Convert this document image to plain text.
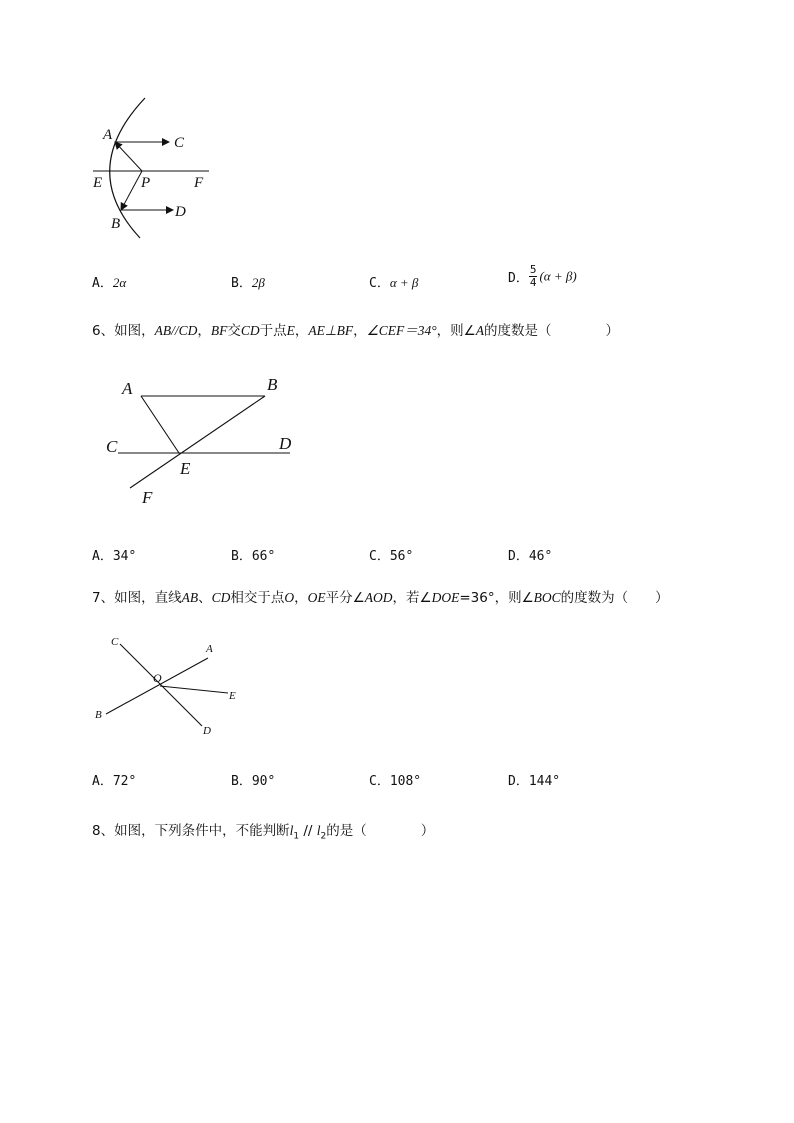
A	C
E	P	F
B
D
A．2α	B．2β	C．α + β	D． $\frac{5}{4} (\alpha + \beta)$
6、如图，AB//CD，BF交CD于点E，AE⊥BF，∠CEF＝34°，则∠A的度数是（　　　　）
A	B
C	D
E
F
A．34°	B．66°	C．56°	D．46°
7、如图，直线AB、CD相交于点O，OE平分∠AOD，若∠DOE=36°，则∠BOC的度数为（　　）
C
A
O
E
B
D
A．72°	B．90°	C．108°	D．144°
8、如图，下列条件中，不能判断$l_1 // l_2$的是（　　　　）
